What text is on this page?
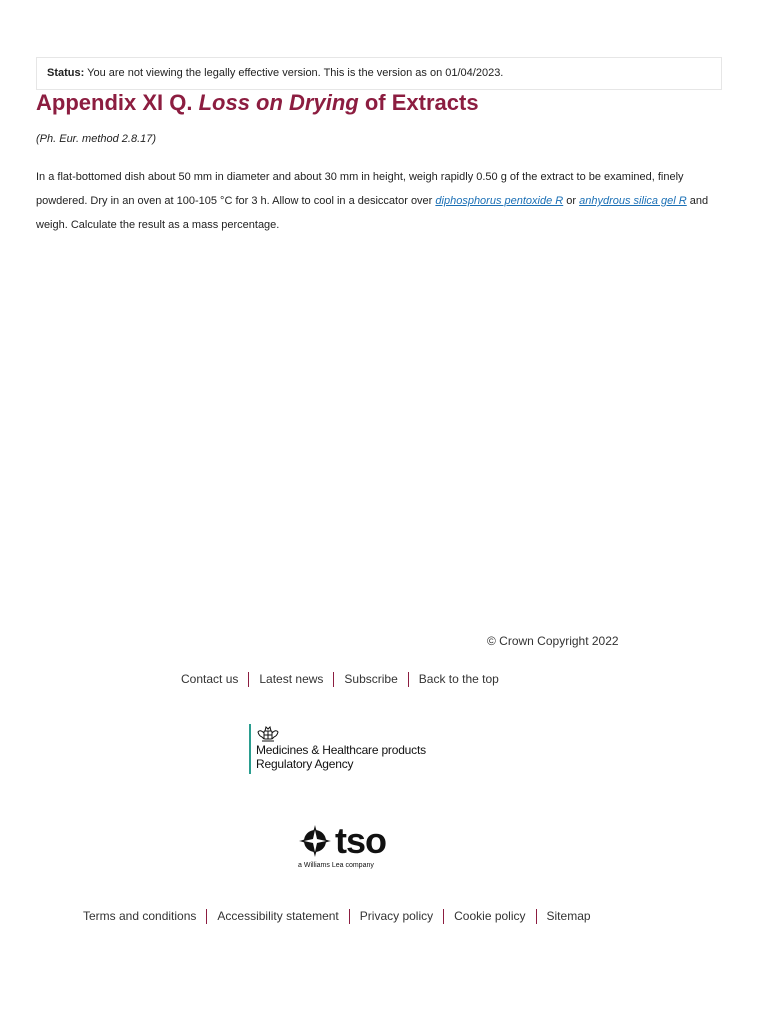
Status: You are not viewing the legally effective version. This is the version as on 01/04/2023.
Appendix XI Q. Loss on Drying of Extracts
(Ph. Eur. method 2.8.17)

In a flat-bottomed dish about 50 mm in diameter and about 30 mm in height, weigh rapidly 0.50 g of the extract to be examined, finely powdered. Dry in an oven at 100-105 °C for 3 h. Allow to cool in a desiccator over diphosphorus pentoxide R or anhydrous silica gel R and weigh. Calculate the result as a mass percentage.

© Crown Copyright 2022
Contact us Latest news Subscribe Back to the top
Medicines & Healthcare products
Regulatory Agency
tso
a Williams Lea company
Terms and conditions Accessibility statement Privacy policy Cookie policy Sitemap
